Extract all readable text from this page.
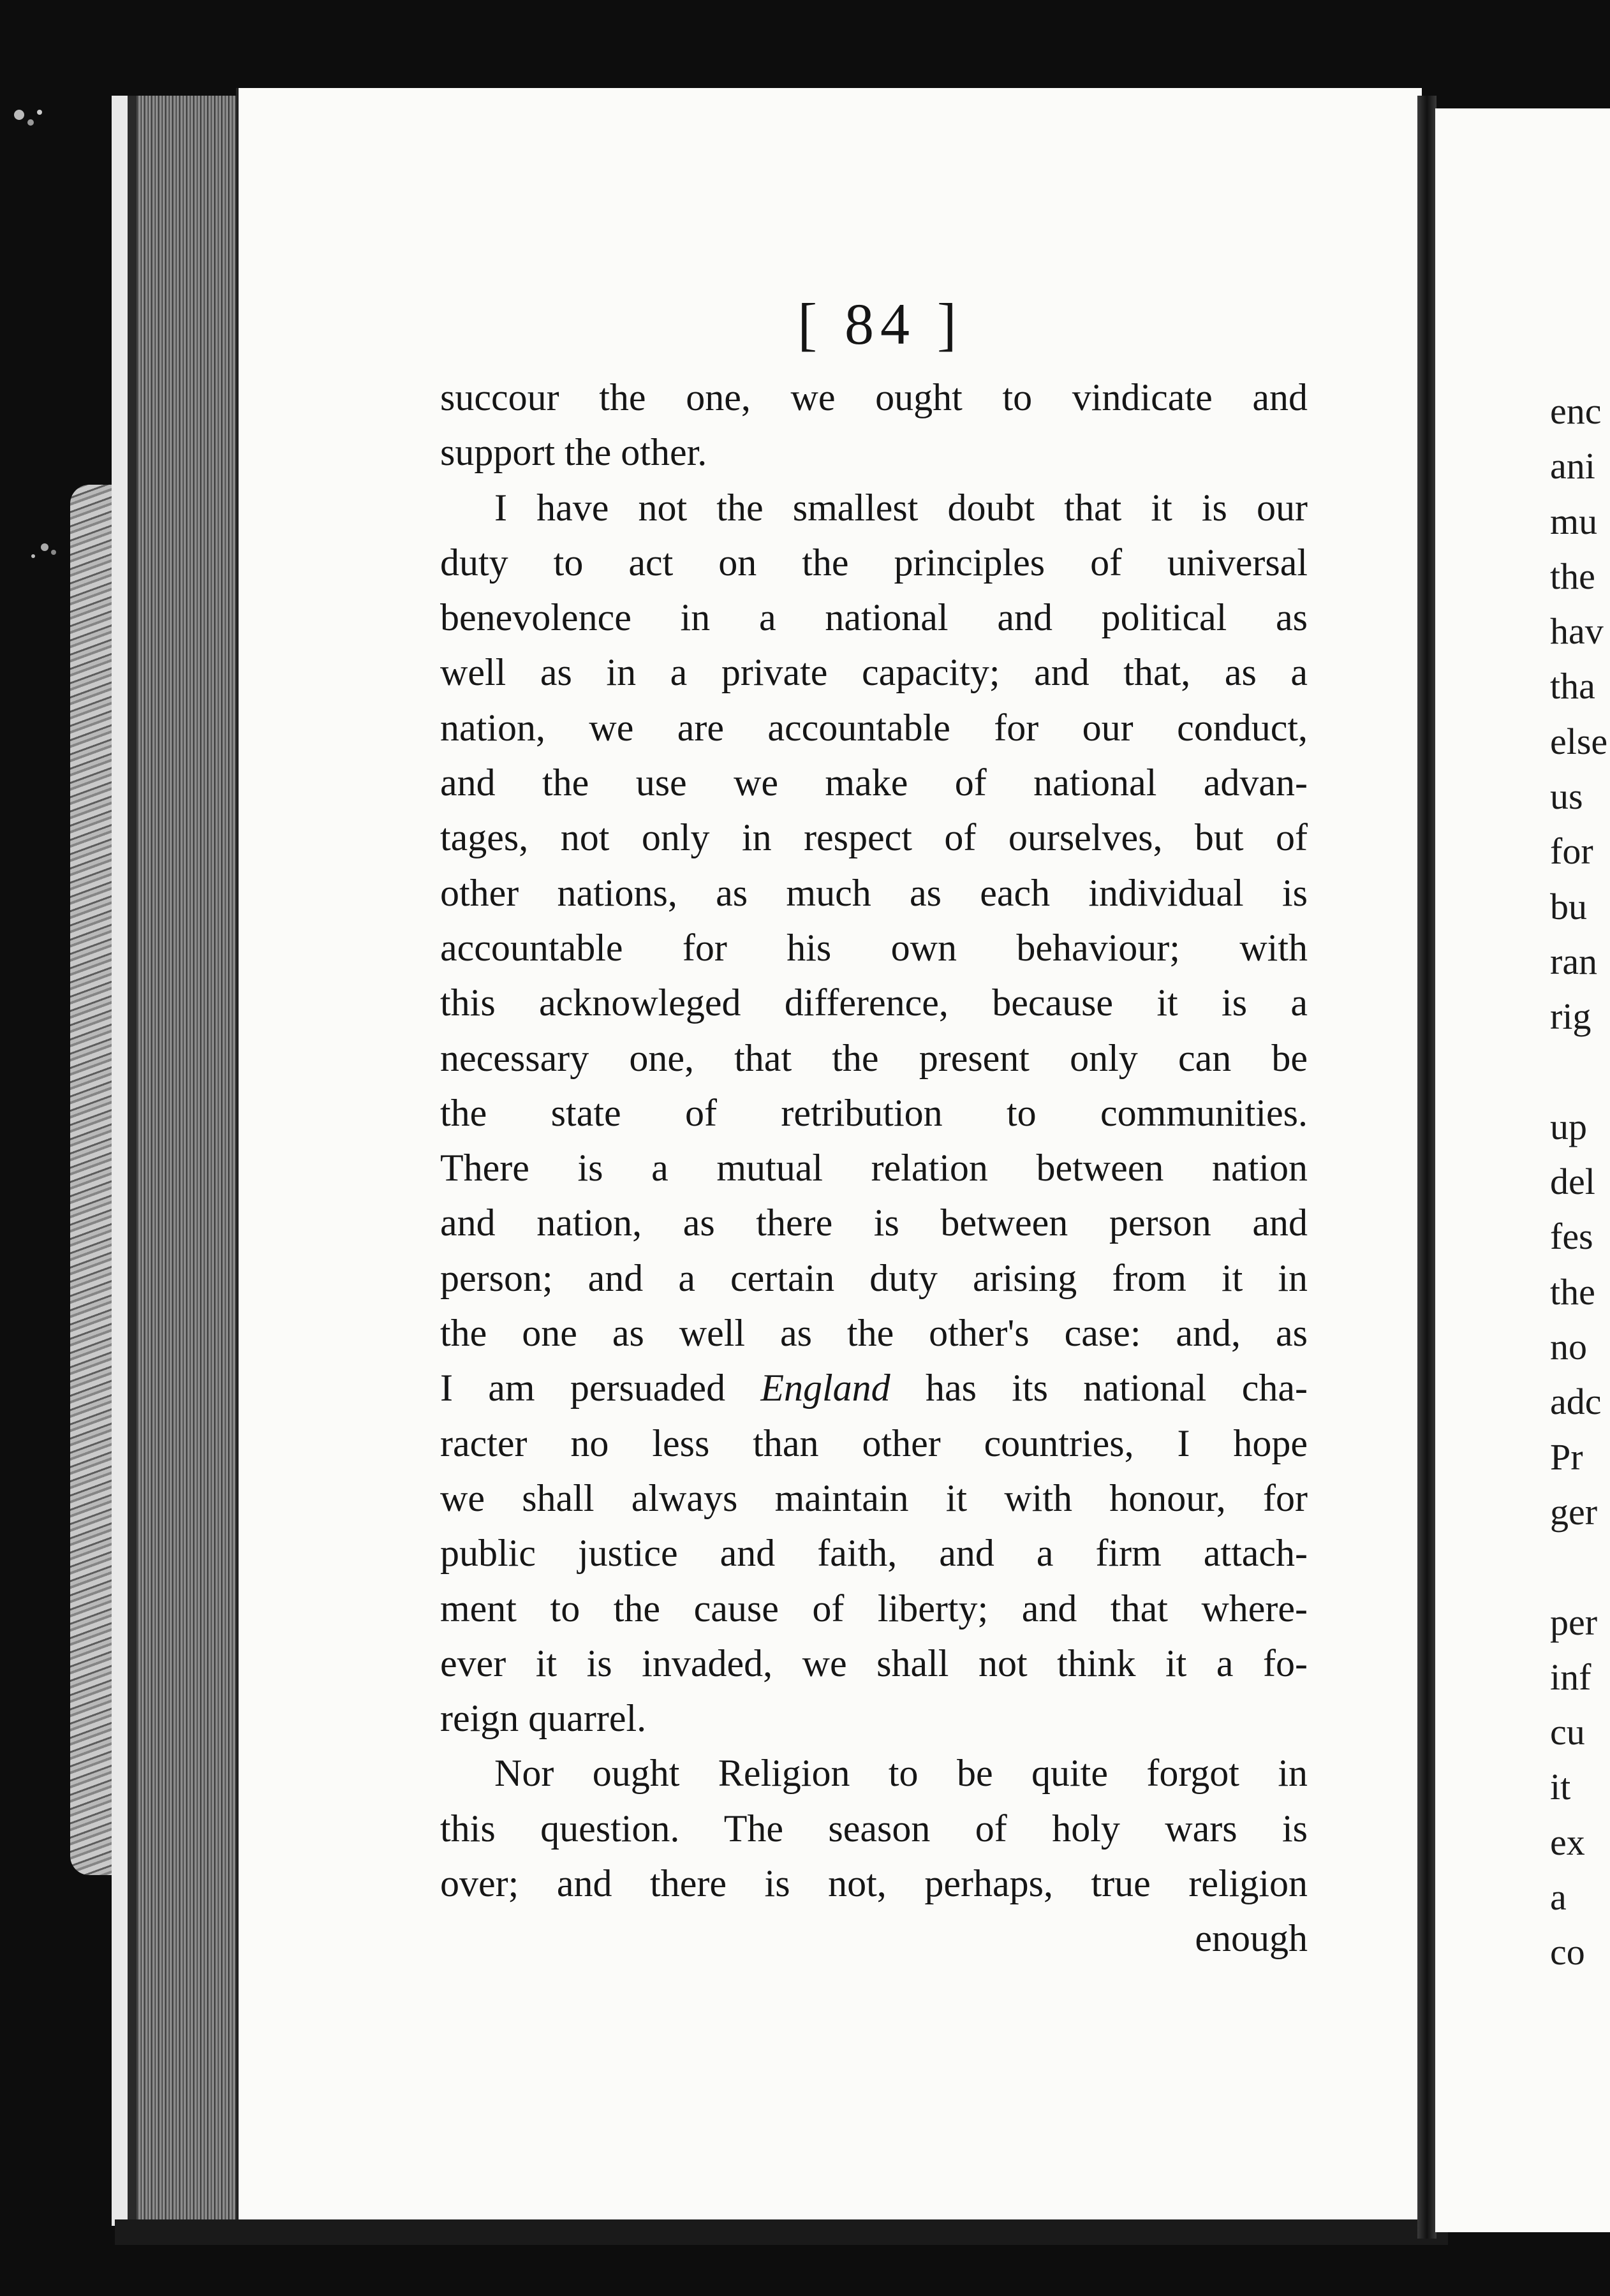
enc
ani
mu
the
hav
tha
else
us
for
bu
ran
rig
up
del
fes
the
no
adc
Pr
ger
per
inf
cu
it
ex
a
co
[ 84 ]
succour the one, we ought to vindicate and
support the other.
I have not the smallest doubt that it is our
duty to act on the principles of universal
benevolence in a national and political as
well as in a private capacity; and that, as a
nation, we are accountable for our conduct,
and the use we make of national advan-
tages, not only in respect of ourselves, but of
other nations, as much as each individual is
accountable for his own behaviour; with
this acknowleged difference, because it is a
necessary one, that the present only can be
the state of retribution to communities.
There is a mutual relation between nation
and nation, as there is between person and
person; and a certain duty arising from it in
the one as well as the other's case: and, as
I am persuaded England has its national cha-
racter no less than other countries, I hope
we shall always maintain it with honour, for
public justice and faith, and a firm attach-
ment to the cause of liberty; and that where-
ever it is invaded, we shall not think it a fo-
reign quarrel.
Nor ought Religion to be quite forgot in
this question. The season of holy wars is
over; and there is not, perhaps, true religion
enough
